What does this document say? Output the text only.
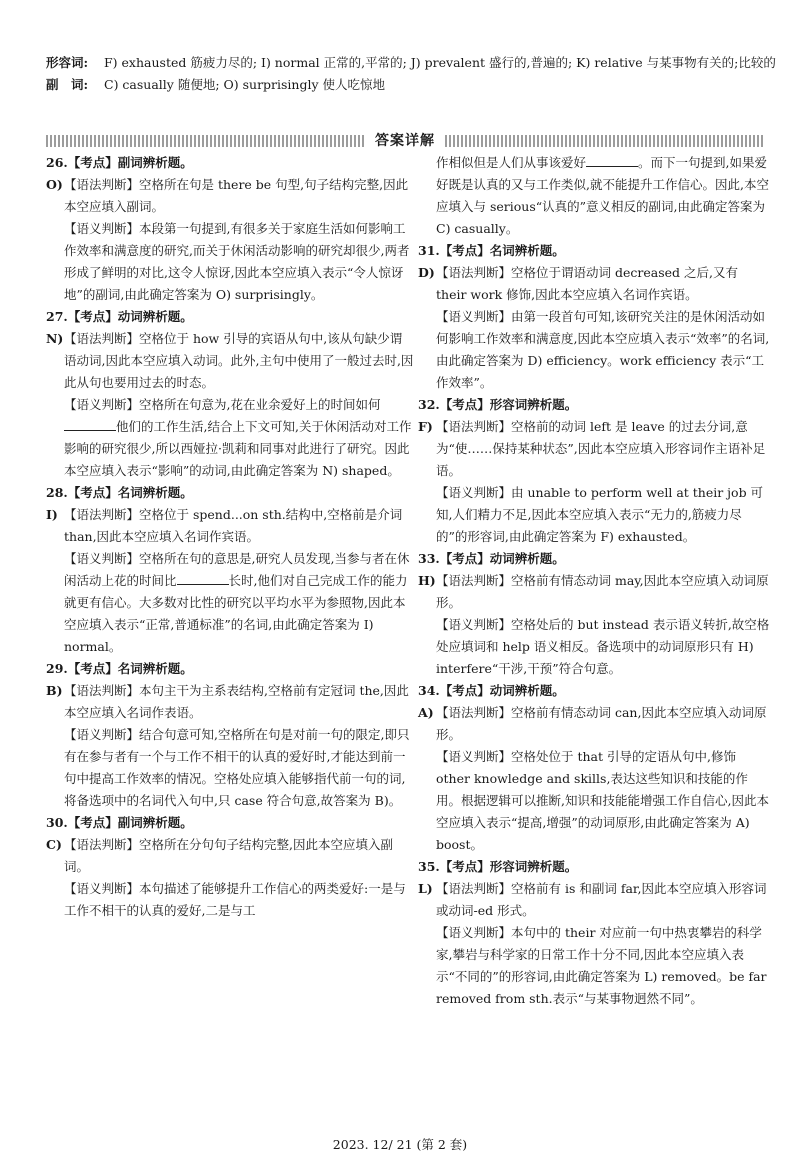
形容词:	F) exhausted 筋疲力尽的; I) normal 正常的,平常的; J) prevalent 盛行的,普遍的; K) relative 与某事物有关的;比较的
副　词:	C) casually 随便地; O) surprisingly 使人吃惊地
答案详解
26.【考点】副词辨析题。
O) 【语法判断】空格所在句是 there be 句型,句子结构完整,因此本空应填入副词。
【语义判断】本段第一句提到,有很多关于家庭生活如何影响工作效率和满意度的研究,而关于休闲活动影响的研究却很少,两者形成了鲜明的对比,这令人惊讶,因此本空应填入表示“令人惊讶地”的副词,由此确定答案为 O) surprisingly。
27.【考点】动词辨析题。
N) 【语法判断】空格位于 how 引导的宾语从句中,该从句缺少谓语动词,因此本空应填入动词。此外,主句中使用了一般过去时,因此从句也要用过去的时态。
【语义判断】空格所在句意为,花在业余爱好上的时间如何他们的工作生活,结合上下文可知,关于休闲活动对工作影响的研究很少,所以西娅拉·凯莉和同事对此进行了研究。因此本空应填入表示“影响”的动词,由此确定答案为 N) shaped。
28.【考点】名词辨析题。
I) 【语法判断】空格位于 spend...on sth.结构中,空格前是介词 than,因此本空应填入名词作宾语。
【语义判断】空格所在句的意思是,研究人员发现,当参与者在休闲活动上花的时间比	长时,他们对自己完成工作的能力就更有信心。大多数对比性的研究以平均水平为参照物,因此本空应填入表示“正常,普通标准”的名词,由此确定答案为 I) normal。
29.【考点】名词辨析题。
B) 【语法判断】本句主干为主系表结构,空格前有定冠词 the,因此本空应填入名词作表语。
【语义判断】结合句意可知,空格所在句是对前一句的限定,即只有在参与者有一个与工作不相干的认真的爱好时,才能达到前一句中提高工作效率的情况。空格处应填入能够指代前一句的词,将备选项中的名词代入句中,只 case 符合句意,故答案为 B)。
30.【考点】副词辨析题。
C) 【语法判断】空格所在分句句子结构完整,因此本空应填入副词。
【语义判断】本句描述了能够提升工作信心的两类爱好:一是与工作不相干的认真的爱好,二是与工
作相似但是人们从事该爱好	。而下一句提到,如果爱好既是认真的又与工作类似,就不能提升工作信心。因此,本空应填入与 serious“认真的”意义相反的副词,由此确定答案为 C) casually。
31.【考点】名词辨析题。
D) 【语法判断】空格位于谓语动词 decreased 之后,又有 their work 修饰,因此本空应填入名词作宾语。
【语义判断】由第一段首句可知,该研究关注的是休闲活动如何影响工作效率和满意度,因此本空应填入表示“效率”的名词,由此确定答案为 D) efficiency。work efficiency 表示“工作效率”。
32.【考点】形容词辨析题。
F) 【语法判断】空格前的动词 left 是 leave 的过去分词,意为“使……保持某种状态”,因此本空应填入形容词作主语补足语。
【语义判断】由 unable to perform well at their job 可知,人们精力不足,因此本空应填入表示“无力的,筋疲力尽的”的形容词,由此确定答案为 F) exhausted。
33.【考点】动词辨析题。
H) 【语法判断】空格前有情态动词 may,因此本空应填入动词原形。
【语义判断】空格处后的 but instead 表示语义转折,故空格处应填词和 help 语义相反。备选项中的动词原形只有 H) interfere“干涉,干预”符合句意。
34.【考点】动词辨析题。
A) 【语法判断】空格前有情态动词 can,因此本空应填入动词原形。
【语义判断】空格处位于 that 引导的定语从句中,修饰 other knowledge and skills,表达这些知识和技能的作用。根据逻辑可以推断,知识和技能能增强工作自信心,因此本空应填入表示“提高,增强”的动词原形,由此确定答案为 A) boost。
35.【考点】形容词辨析题。
L) 【语法判断】空格前有 is 和副词 far,因此本空应填入形容词或动词-ed 形式。
【语义判断】本句中的 their 对应前一句中热衷攀岩的科学家,攀岩与科学家的日常工作十分不同,因此本空应填入表示“不同的”的形容词,由此确定答案为 L) removed。be far removed from sth.表示“与某事物迥然不同”。
2023. 12/ 21 (第 2 套)
